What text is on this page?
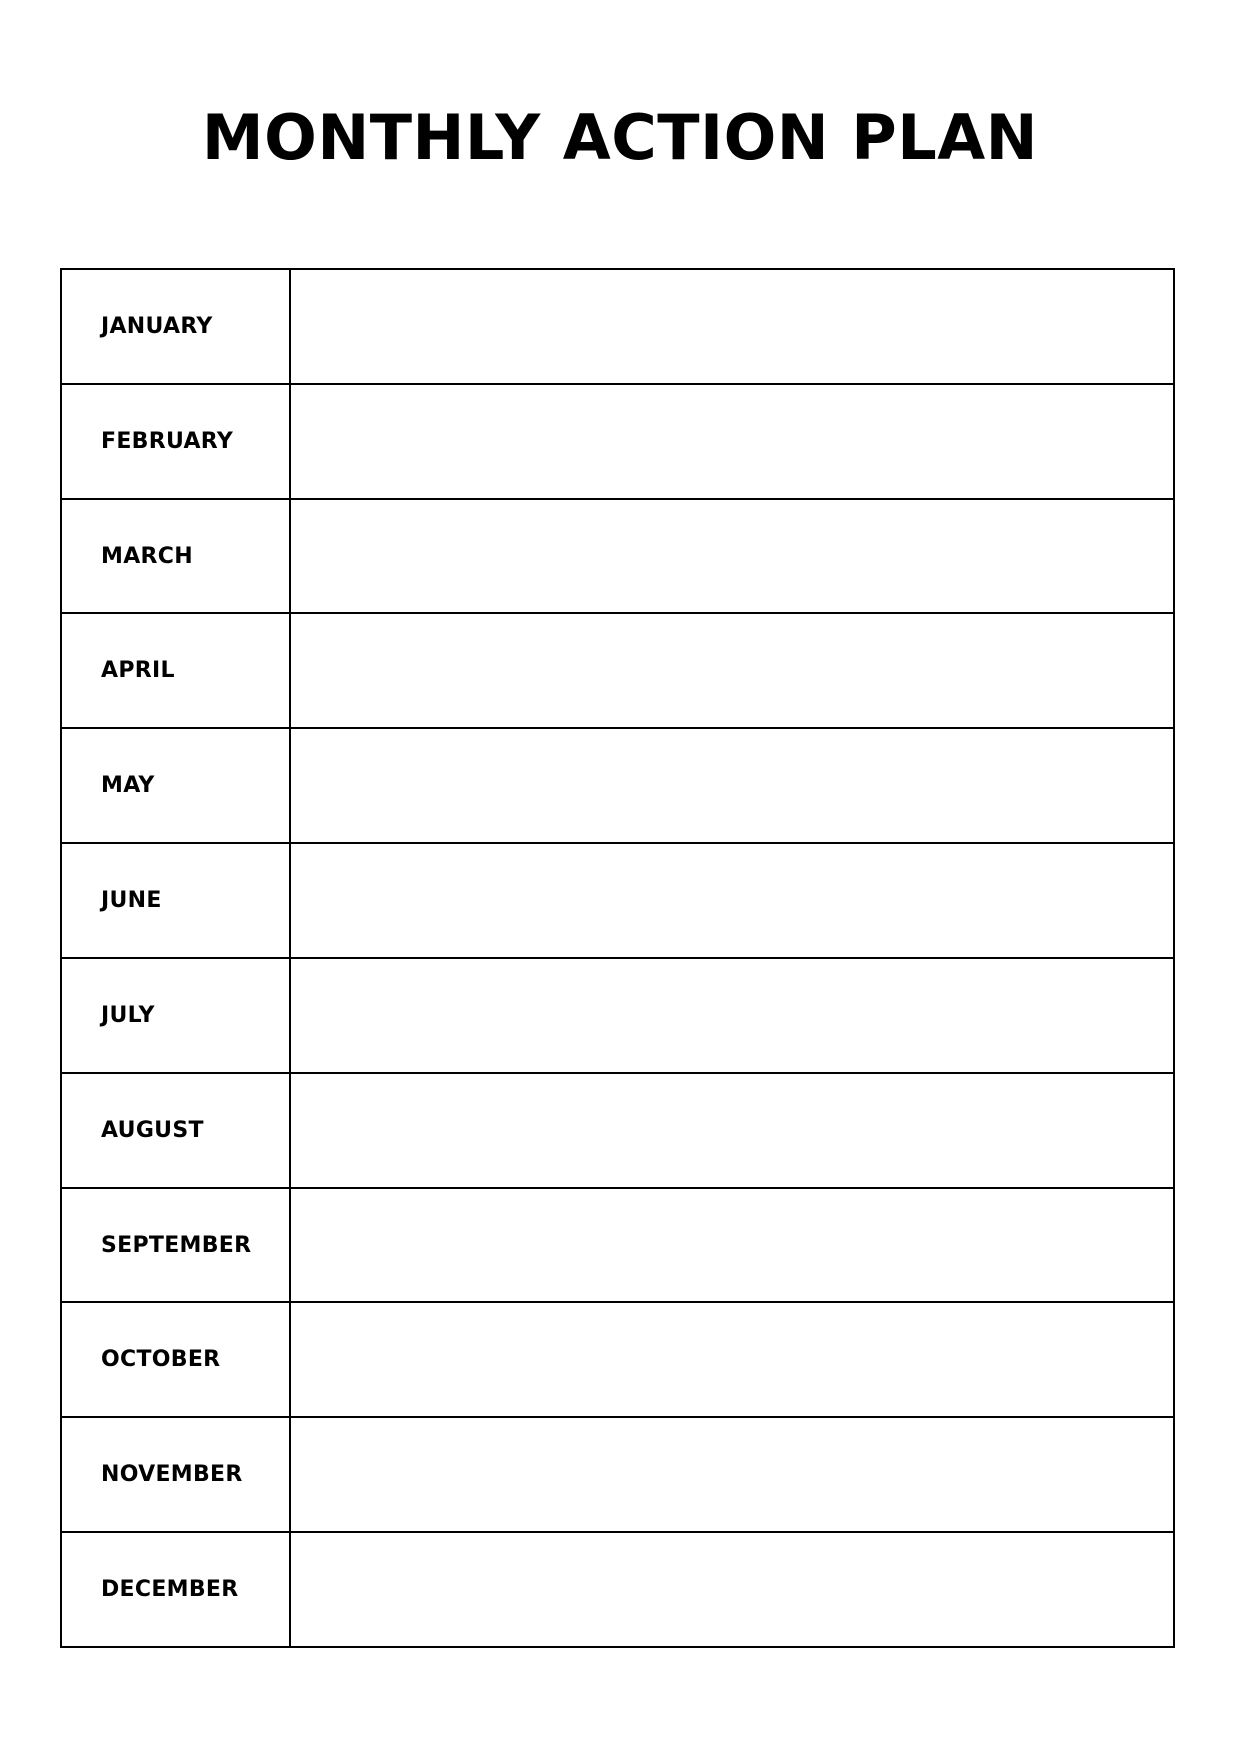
MONTHLY ACTION PLAN
JANUARY
FEBRUARY
MARCH
APRIL
MAY
JUNE
JULY
AUGUST
SEPTEMBER
OCTOBER
NOVEMBER
DECEMBER
